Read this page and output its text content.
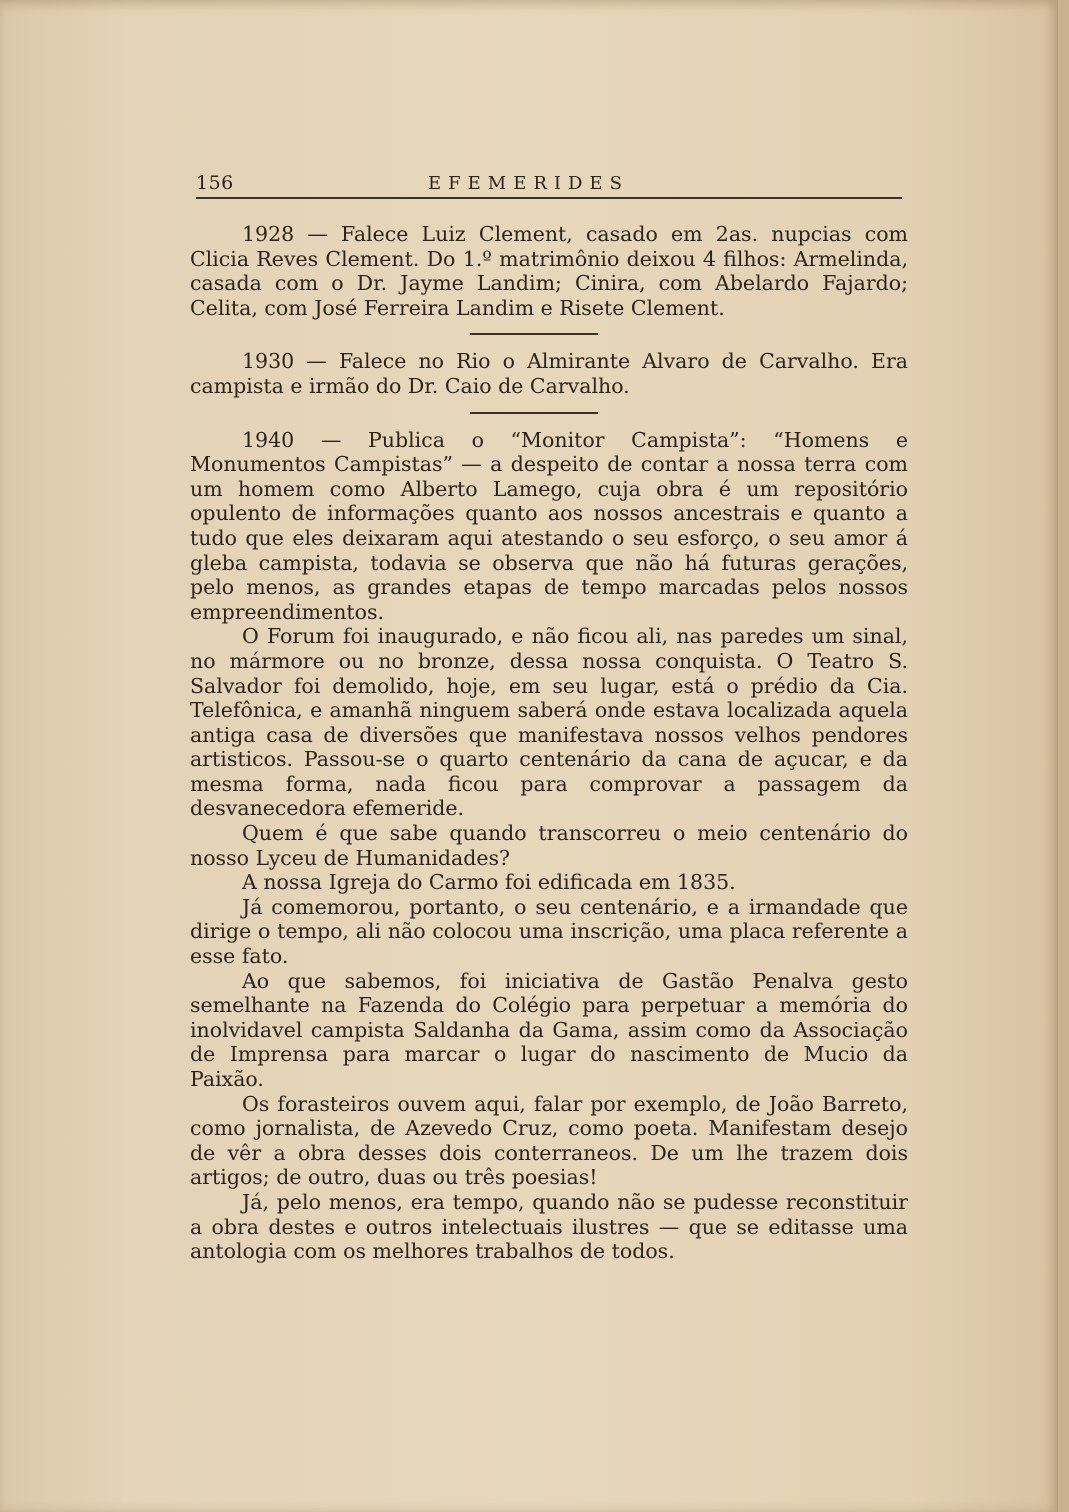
156	EFEMERIDES

1928 — Falece Luiz Clement, casado em 2as. nupcias com Clicia Reves Clement. Do 1.º matrimônio deixou 4 filhos: Armelinda, casada com o Dr. Jayme Landim; Cinira, com Abelardo Fajardo; Celita, com José Ferreira Landim e Risete Clement.

1930 — Falece no Rio o Almirante Alvaro de Carvalho. Era campista e irmão do Dr. Caio de Carvalho.

1940 — Publica o “Monitor Campista”: “Homens e Monumentos Campistas” — a despeito de contar a nossa terra com um homem como Alberto Lamego, cuja obra é um repositório opulento de informações quanto aos nossos ancestrais e quanto a tudo que eles deixaram aqui atestando o seu esforço, o seu amor á gleba campista, todavia se observa que não há futuras gerações, pelo menos, as grandes etapas de tempo marcadas pelos nossos empreendimentos.

O Forum foi inaugurado, e não ficou ali, nas paredes um sinal, no mármore ou no bronze, dessa nossa conquista. O Teatro S. Salvador foi demolido, hoje, em seu lugar, está o prédio da Cia. Telefônica, e amanhã ninguem saberá onde estava localizada aquela antiga casa de diversões que manifestava nossos velhos pendores artisticos. Passou-se o quarto centenário da cana de açucar, e da mesma forma, nada ficou para comprovar a passagem da desvanecedora efemeride.

Quem é que sabe quando transcorreu o meio centenário do nosso Lyceu de Humanidades?

A nossa Igreja do Carmo foi edificada em 1835.

Já comemorou, portanto, o seu centenário, e a irmandade que dirige o tempo, ali não colocou uma inscrição, uma placa referente a esse fato.

Ao que sabemos, foi iniciativa de Gastão Penalva gesto semelhante na Fazenda do Colégio para perpetuar a memória do inolvidavel campista Saldanha da Gama, assim como da Associação de Imprensa para marcar o lugar do nascimento de Mucio da Paixão.

Os forasteiros ouvem aqui, falar por exemplo, de João Barreto, como jornalista, de Azevedo Cruz, como poeta. Manifestam desejo de vêr a obra desses dois conterraneos. De um lhe trazem dois artigos; de outro, duas ou três poesias!

Já, pelo menos, era tempo, quando não se pudesse reconstituir a obra destes e outros intelectuais ilustres — que se editasse uma antologia com os melhores trabalhos de todos.
